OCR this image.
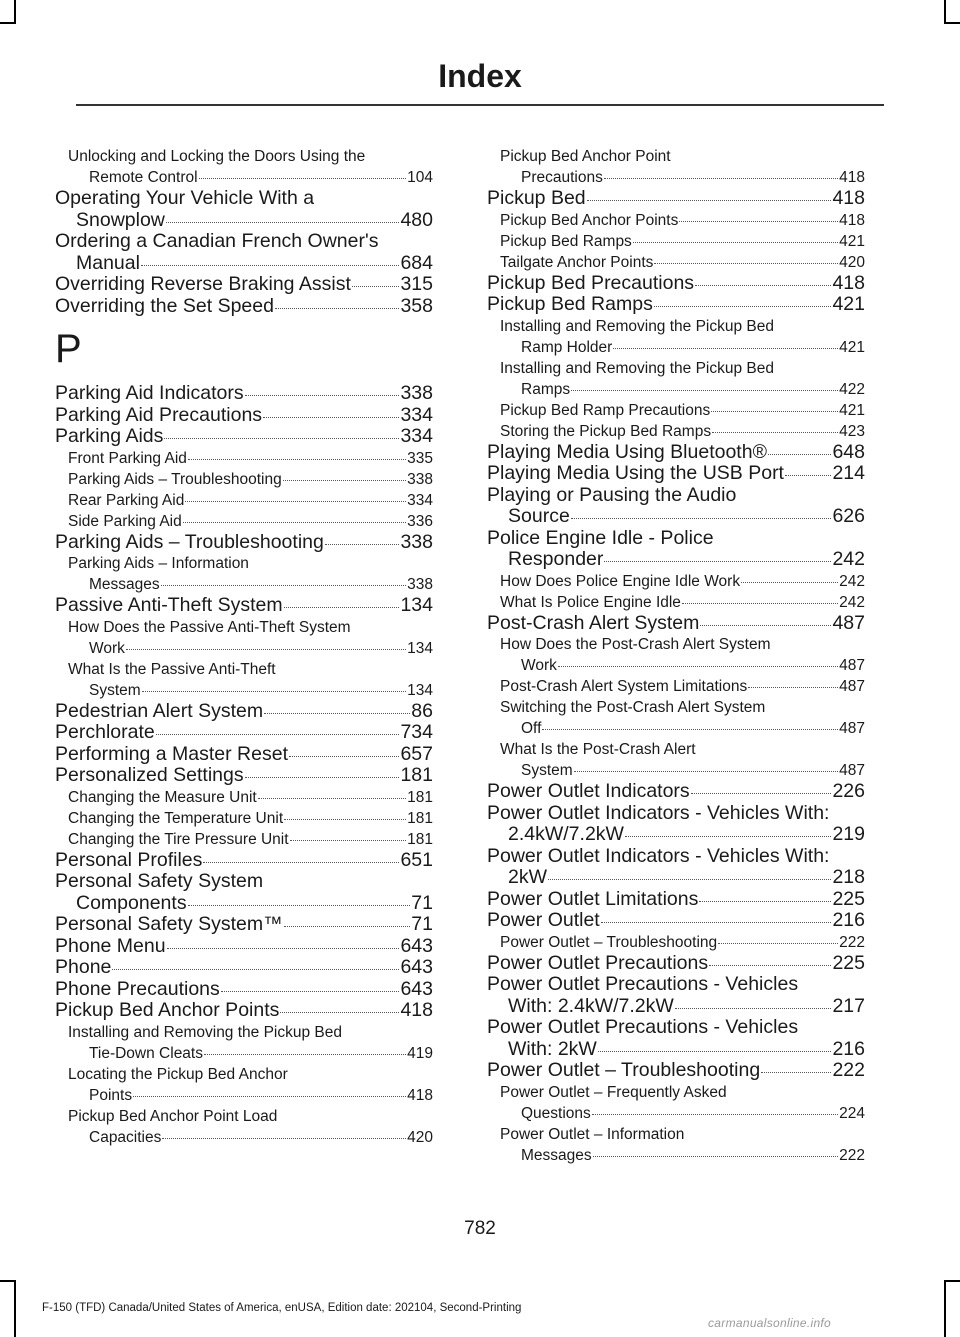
Index
Unlocking and Locking the Doors Using the
Remote Control	104
Operating Your Vehicle With a
Snowplow	480
Ordering a Canadian French Owner's
Manual	684
Overriding Reverse Braking Assist	315
Overriding the Set Speed	358
P
Parking Aid Indicators	338
Parking Aid Precautions	334
Parking Aids	334
Front Parking Aid	335
Parking Aids – Troubleshooting	338
Rear Parking Aid	334
Side Parking Aid	336
Parking Aids – Troubleshooting	338
Parking Aids – Information
Messages	338
Passive Anti-Theft System	134
How Does the Passive Anti-Theft System
Work	134
What Is the Passive Anti-Theft
System	134
Pedestrian Alert System	86
Perchlorate	734
Performing a Master Reset	657
Personalized Settings	181
Changing the Measure Unit	181
Changing the Temperature Unit	181
Changing the Tire Pressure Unit	181
Personal Profiles	651
Personal Safety System
Components	71
Personal Safety System™	71
Phone Menu	643
Phone	643
Phone Precautions	643
Pickup Bed Anchor Points	418
Installing and Removing the Pickup Bed
Tie-Down Cleats	419
Locating the Pickup Bed Anchor
Points	418
Pickup Bed Anchor Point Load
Capacities	420
Pickup Bed Anchor Point
Precautions	418
Pickup Bed	418
Pickup Bed Anchor Points	418
Pickup Bed Ramps	421
Tailgate Anchor Points	420
Pickup Bed Precautions	418
Pickup Bed Ramps	421
Installing and Removing the Pickup Bed
Ramp Holder	421
Installing and Removing the Pickup Bed
Ramps	422
Pickup Bed Ramp Precautions	421
Storing the Pickup Bed Ramps	423
Playing Media Using Bluetooth®	648
Playing Media Using the USB Port 214
Playing or Pausing the Audio
Source	626
Police Engine Idle - Police
Responder	242
How Does Police Engine Idle Work	242
What Is Police Engine Idle	242
Post-Crash Alert System	487
How Does the Post-Crash Alert System
Work	487
Post-Crash Alert System Limitations	487
Switching the Post-Crash Alert System
Off	487
What Is the Post-Crash Alert
System	487
Power Outlet Indicators	226
Power Outlet Indicators - Vehicles With:
2.4kW/7.2kW	219
Power Outlet Indicators - Vehicles With:
2kW	218
Power Outlet Limitations	225
Power Outlet	216
Power Outlet – Troubleshooting	222
Power Outlet Precautions	225
Power Outlet Precautions - Vehicles
With: 2.4kW/7.2kW	217
Power Outlet Precautions - Vehicles
With: 2kW	216
Power Outlet – Troubleshooting	222
Power Outlet – Frequently Asked
Questions	224
Power Outlet – Information
Messages	222
782
F-150 (TFD) Canada/United States of America, enUSA, Edition date: 202104, Second-Printing
carmanualsonline.info
